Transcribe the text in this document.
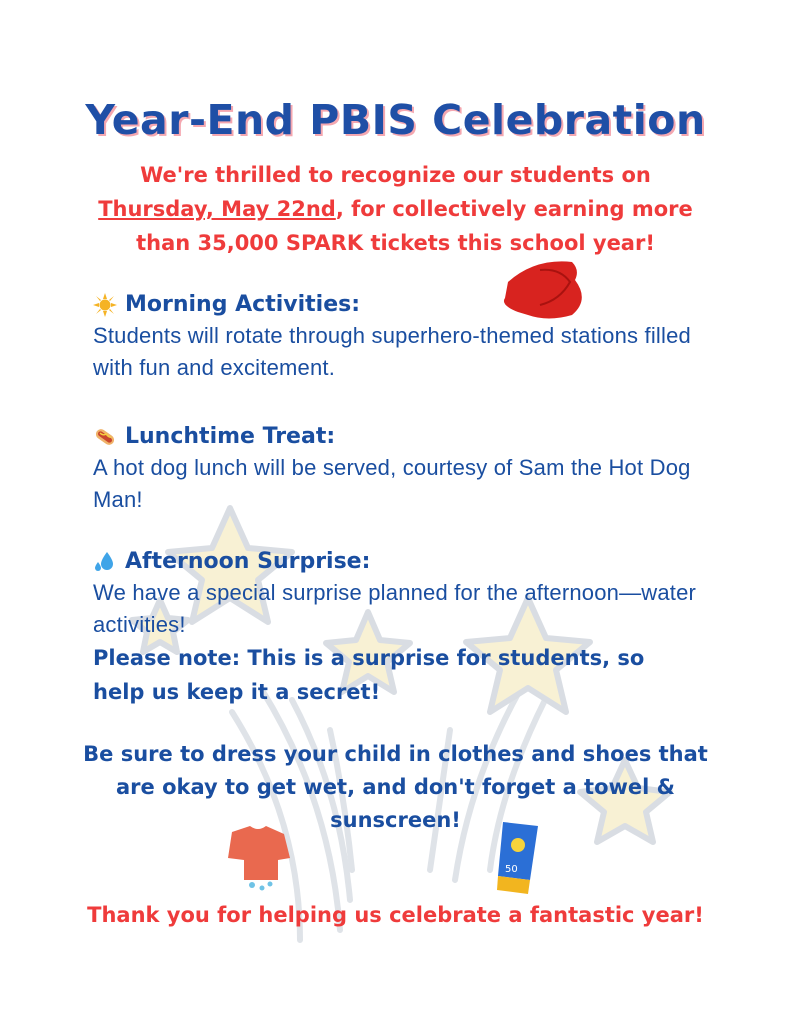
50
Year-End PBIS Celebration
We're thrilled to recognize our students on
Thursday, May 22nd, for collectively earning more
than 35,000 SPARK tickets this school year!
Morning Activities:
Students will rotate through superhero-themed stations filled with fun and excitement.
Lunchtime Treat:
A hot dog lunch will be served, courtesy of Sam the Hot Dog Man!
Afternoon Surprise:
We have a special surprise planned for the afternoon—water activities!
Please note: This is a surprise for students, so help us keep it a secret!
Be sure to dress your child in clothes and shoes that are okay to get wet, and don't forget a towel & sunscreen!
Thank you for helping us celebrate a fantastic year!
